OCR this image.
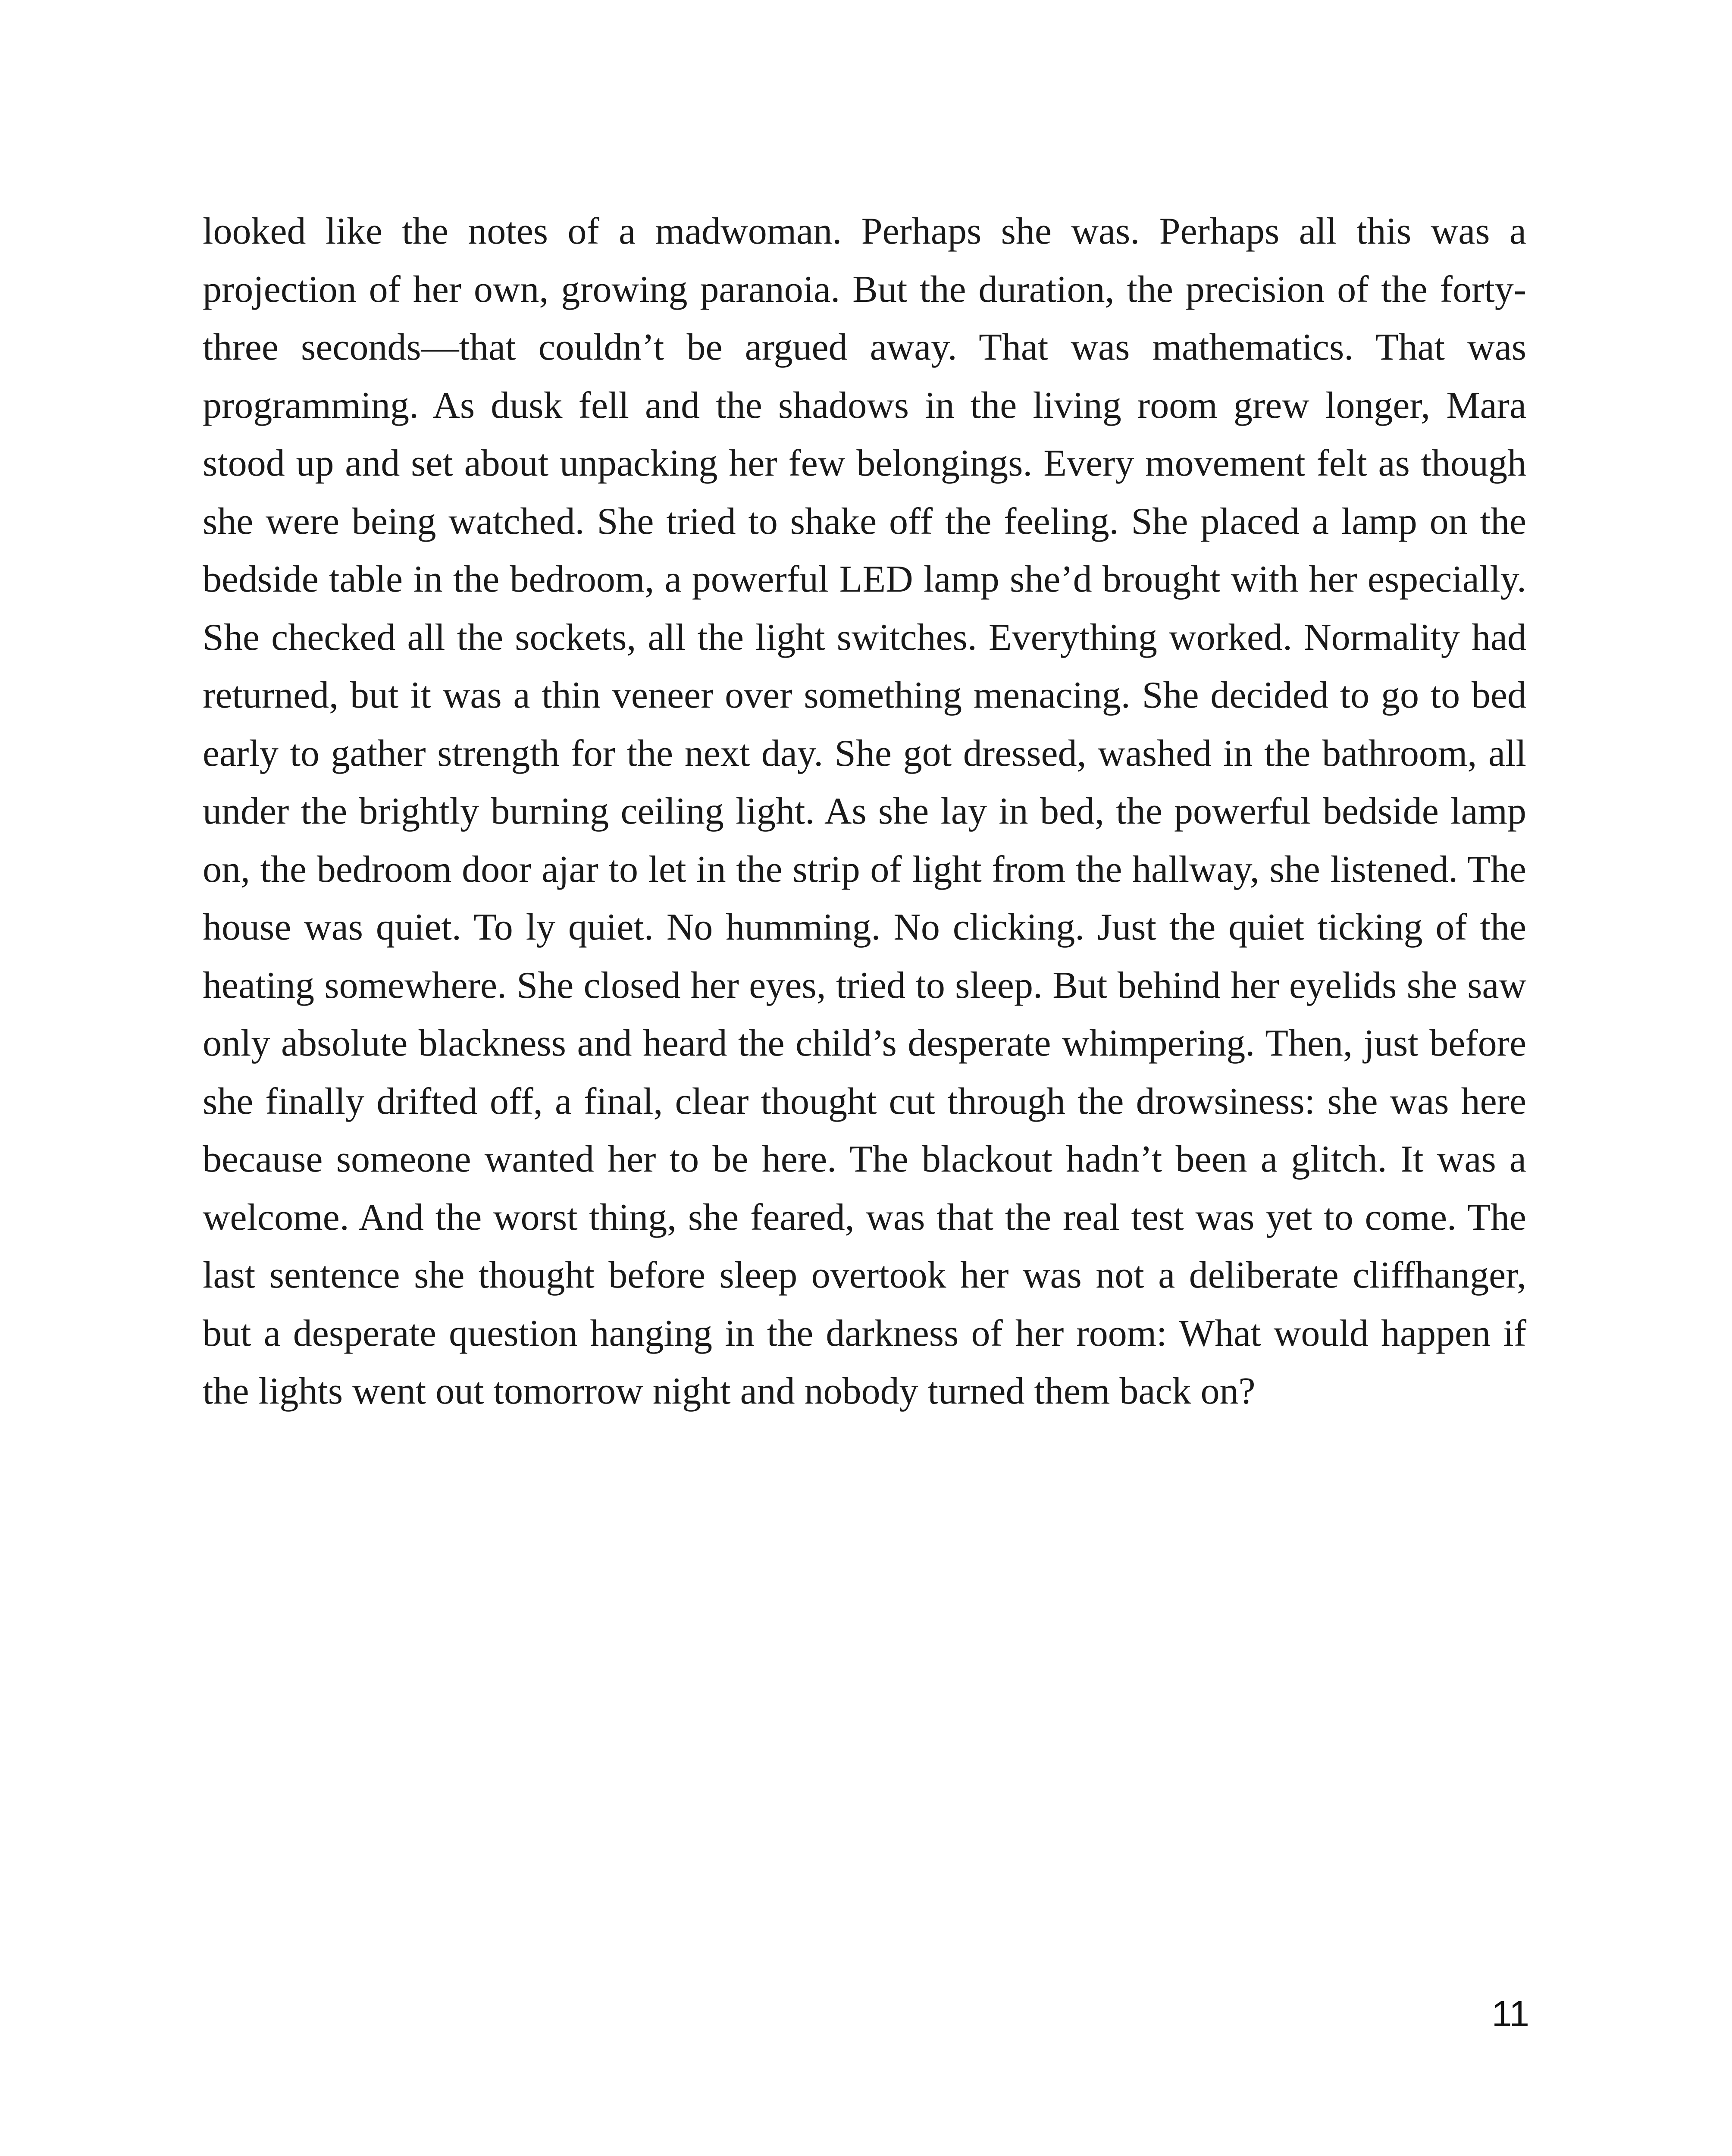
looked like the notes of a madwoman. Perhaps she was. Perhaps all this was a projection of her own, growing paranoia. But the duration, the precision of the forty-three seconds—that couldn’t be argued away. That was mathematics. That was programming. As dusk fell and the shadows in the living room grew longer, Mara stood up and set about unpacking her few belongings. Every movement felt as though she were being watched. She tried to shake off the feeling. She placed a lamp on the bedside table in the bedroom, a powerful LED lamp she’d brought with her especially. She checked all the sockets, all the light switches. Everything worked. Normality had returned, but it was a thin veneer over something menacing. She decided to go to bed early to gather strength for the next day. She got dressed, washed in the bathroom, all under the brightly burning ceiling light. As she lay in bed, the powerful bedside lamp on, the bedroom door ajar to let in the strip of light from the hallway, she listened. The house was quiet. To ly quiet. No humming. No clicking. Just the quiet ticking of the heating somewhere. She closed her eyes, tried to sleep. But behind her eyelids she saw only absolute blackness and heard the child’s desperate whimpering. Then, just before she finally drifted off, a final, clear thought cut through the drowsiness: she was here because someone wanted her to be here. The blackout hadn’t been a glitch. It was a welcome. And the worst thing, she feared, was that the real test was yet to come. The last sentence she thought before sleep overtook her was not a deliberate cliffhanger, but a desperate question hanging in the darkness of her room: What would happen if the lights went out tomorrow night and nobody turned them back on?

11
